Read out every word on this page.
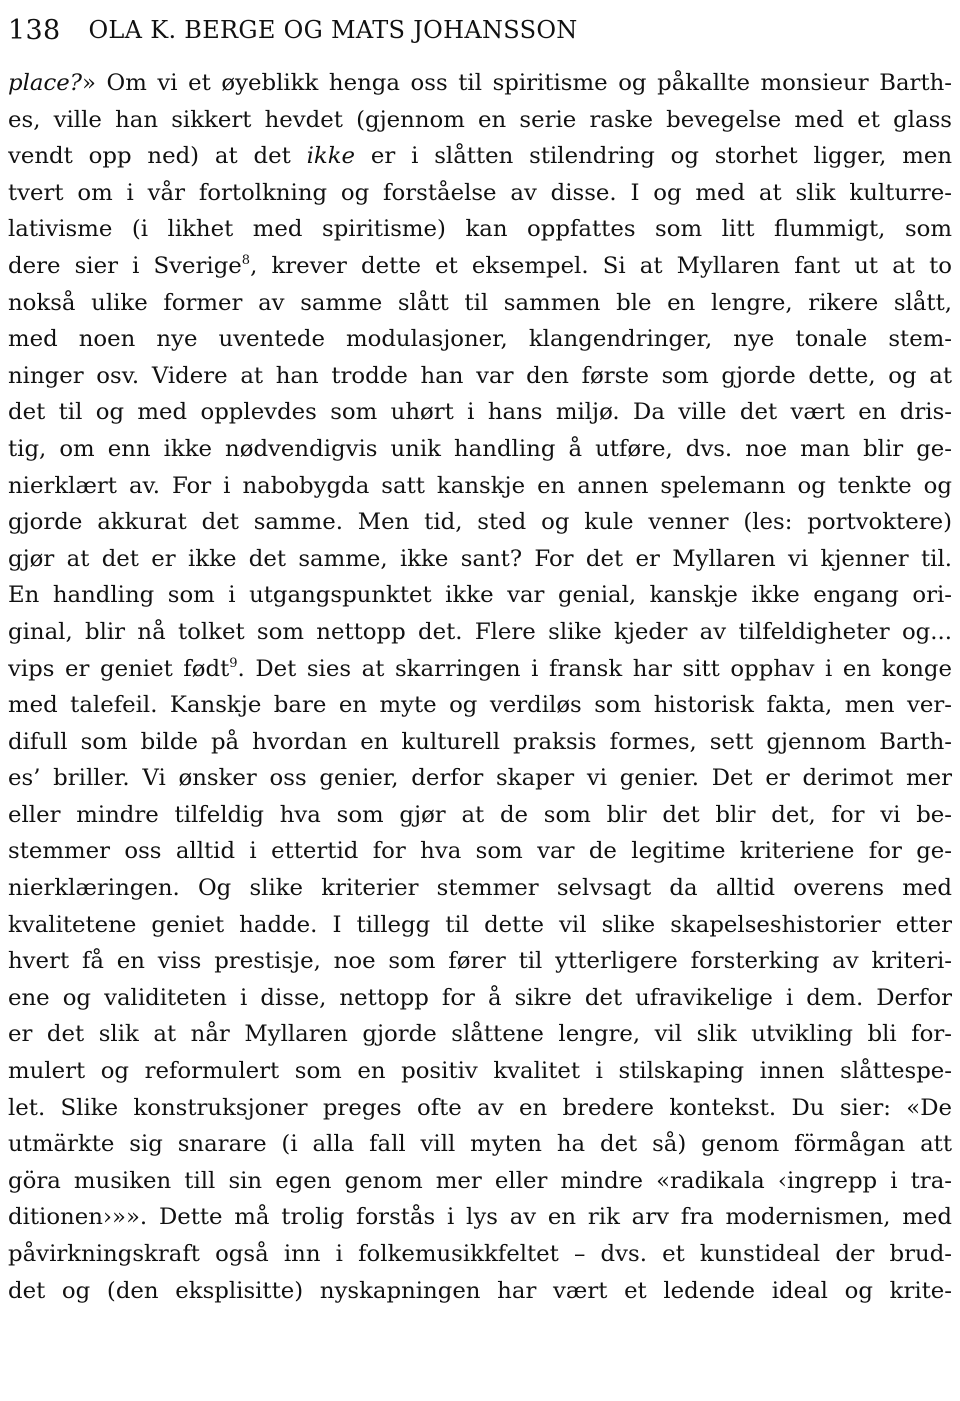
138 OLA K. BERGE OG MATS JOHANSSON
place?» Om vi et øyeblikk henga oss til spiritisme og påkallte monsieur Barth-
es, ville han sikkert hevdet (gjennom en serie raske bevegelse med et glass
vendt opp ned) at det ikke er i slåtten stilendring og storhet ligger, men
tvert om i vår fortolkning og forståelse av disse. I og med at slik kulturre-
lativisme (i likhet med spiritisme) kan oppfattes som litt flummigt, som
dere sier i Sverige$^8$, krever dette et eksempel. Si at Myllaren fant ut at to
nokså ulike former av samme slått til sammen ble en lengre, rikere slått,
med noen nye uventede modulasjoner, klangendringer, nye tonale stem-
ninger osv. Videre at han trodde han var den første som gjorde dette, og at
det til og med opplevdes som uhørt i hans miljø. Da ville det vært en dris-
tig, om enn ikke nødvendigvis unik handling å utføre, dvs. noe man blir ge-
nierklært av. For i nabobygda satt kanskje en annen spelemann og tenkte og
gjorde akkurat det samme. Men tid, sted og kule venner (les: portvoktere)
gjør at det er ikke det samme, ikke sant? For det er Myllaren vi kjenner til.
En handling som i utgangspunktet ikke var genial, kanskje ikke engang ori-
ginal, blir nå tolket som nettopp det. Flere slike kjeder av tilfeldigheter og...
vips er geniet født$^9$. Det sies at skarringen i fransk har sitt opphav i en konge
med talefeil. Kanskje bare en myte og verdiløs som historisk fakta, men ver-
difull som bilde på hvordan en kulturell praksis formes, sett gjennom Barth-
es’ briller. Vi ønsker oss genier, derfor skaper vi genier. Det er derimot mer
eller mindre tilfeldig hva som gjør at de som blir det blir det, for vi be-
stemmer oss alltid i ettertid for hva som var de legitime kriteriene for ge-
nierklæringen. Og slike kriterier stemmer selvsagt da alltid overens med
kvalitetene geniet hadde. I tillegg til dette vil slike skapelseshistorier etter
hvert få en viss prestisje, noe som fører til ytterligere forsterking av kriteri-
ene og validiteten i disse, nettopp for å sikre det ufravikelige i dem. Derfor
er det slik at når Myllaren gjorde slåttene lengre, vil slik utvikling bli for-
mulert og reformulert som en positiv kvalitet i stilskaping innen slåttespe-
let. Slike konstruksjoner preges ofte av en bredere kontekst. Du sier: «De
utmärkte sig snarare (i alla fall vill myten ha det så) genom förmågan att
göra musiken till sin egen genom mer eller mindre «radikala ‹ingrepp i tra-
ditionen›»». Dette må trolig forstås i lys av en rik arv fra modernismen, med
påvirkningskraft også inn i folkemusikkfeltet – dvs. et kunstideal der brud-
det og (den eksplisitte) nyskapningen har vært et ledende ideal og krite-
